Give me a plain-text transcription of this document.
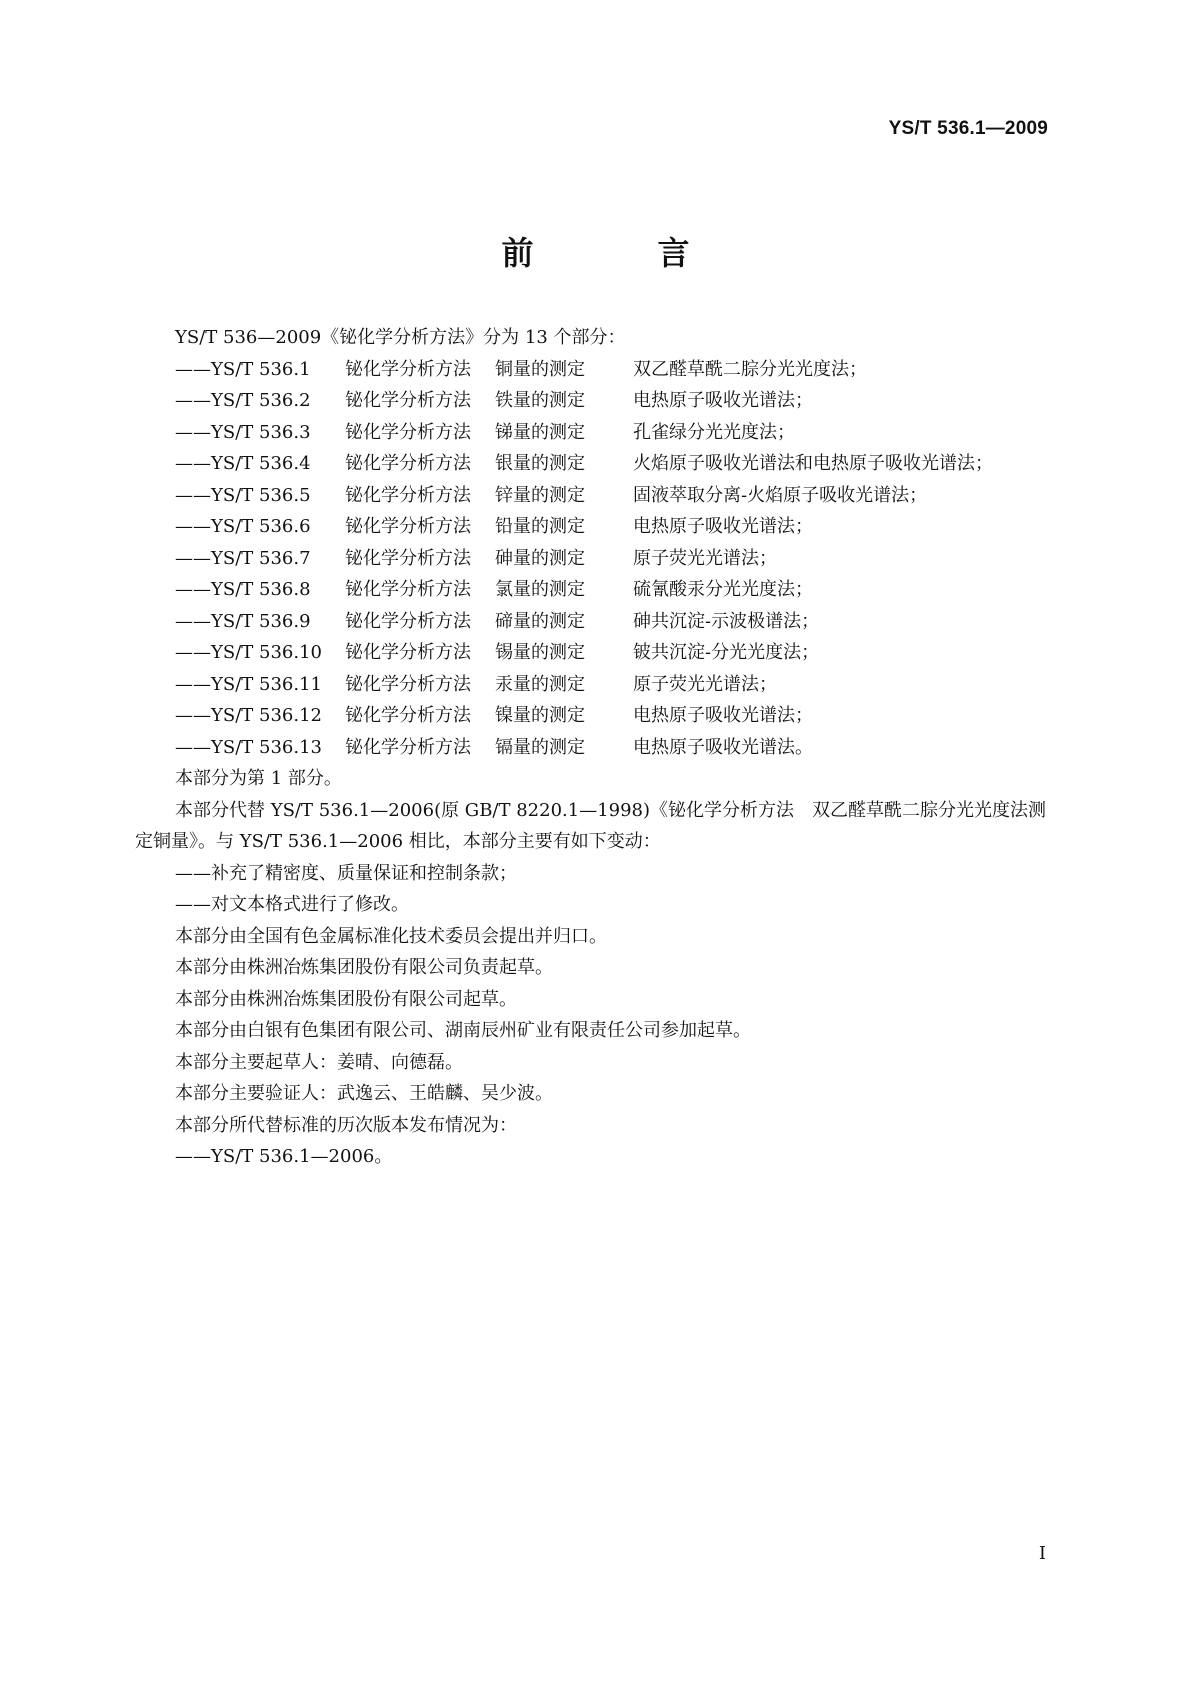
YS/T 536.1—2009
前　言
YS/T 536—2009《铋化学分析方法》分为 13 个部分：
——YS/T 536.1 铋化学分析方法 铜量的测定	双乙醛草酰二腙分光光度法；
——YS/T 536.2 铋化学分析方法 铁量的测定	电热原子吸收光谱法；
——YS/T 536.3 铋化学分析方法 锑量的测定	孔雀绿分光光度法；
——YS/T 536.4 铋化学分析方法 银量的测定	火焰原子吸收光谱法和电热原子吸收光谱法；
——YS/T 536.5 铋化学分析方法 锌量的测定	固液萃取分离-火焰原子吸收光谱法；
——YS/T 536.6 铋化学分析方法 铅量的测定	电热原子吸收光谱法；
——YS/T 536.7 铋化学分析方法 砷量的测定	原子荧光光谱法；
——YS/T 536.8 铋化学分析方法 氯量的测定	硫氰酸汞分光光度法；
——YS/T 536.9 铋化学分析方法 碲量的测定	砷共沉淀-示波极谱法；
——YS/T 536.10 铋化学分析方法 锡量的测定	铍共沉淀-分光光度法；
——YS/T 536.11 铋化学分析方法 汞量的测定	原子荧光光谱法；
——YS/T 536.12 铋化学分析方法 镍量的测定	电热原子吸收光谱法；
——YS/T 536.13 铋化学分析方法 镉量的测定	电热原子吸收光谱法。
本部分为第 1 部分。
本部分代替 YS/T 536.1—2006(原 GB/T 8220.1—1998)《铋化学分析方法　双乙醛草酰二腙分光光度法测定铜量》。与 YS/T 536.1—2006 相比，本部分主要有如下变动：
——补充了精密度、质量保证和控制条款；
——对文本格式进行了修改。
本部分由全国有色金属标准化技术委员会提出并归口。
本部分由株洲冶炼集团股份有限公司负责起草。
本部分由株洲冶炼集团股份有限公司起草。
本部分由白银有色集团有限公司、湖南辰州矿业有限责任公司参加起草。
本部分主要起草人：姜晴、向德磊。
本部分主要验证人：武逸云、王皓麟、吴少波。
本部分所代替标准的历次版本发布情况为：
——YS/T 536.1—2006。
I
